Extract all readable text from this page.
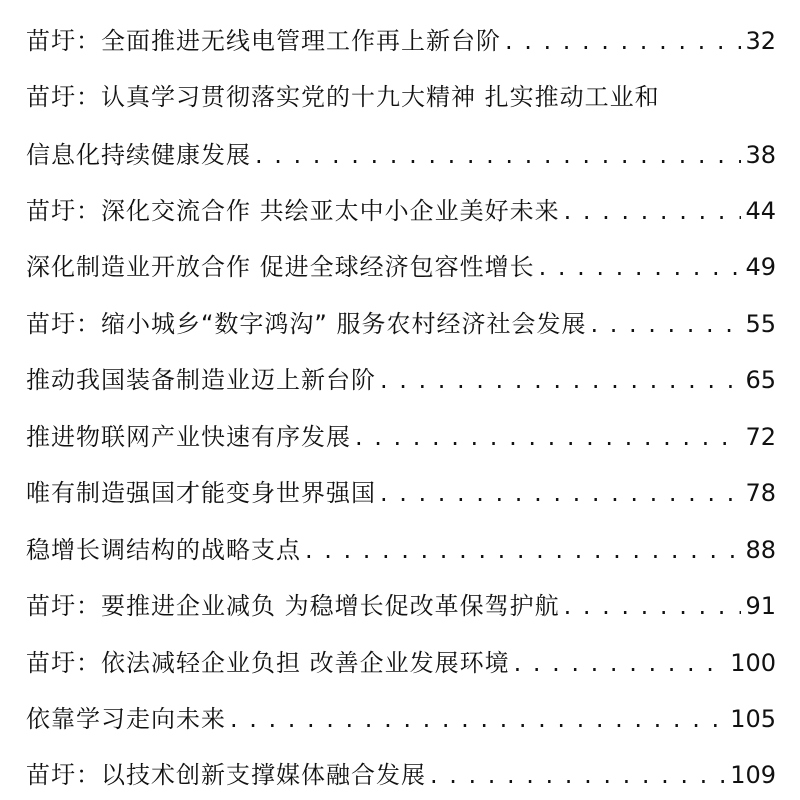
苗圩：全面推进无线电管理工作再上新台阶 . . .	32
苗圩：认真学习贯彻落实党的十九大精神 扎实推动工业和
信息化持续健康发展 . . .	38
苗圩：深化交流合作 共绘亚太中小企业美好未来 . . .	44
深化制造业开放合作 促进全球经济包容性增长 . . .	49
苗圩：缩小城乡“数字鸿沟” 服务农村经济社会发展 . . .	55
推动我国装备制造业迈上新台阶 . . .	65
推进物联网产业快速有序发展 . . .	72
唯有制造强国才能变身世界强国 . . .	78
稳增长调结构的战略支点 . . .	88
苗圩：要推进企业减负 为稳增长促改革保驾护航 . . .	91
苗圩：依法减轻企业负担 改善企业发展环境 . . .	100
依靠学习走向未来 . . .	105
苗圩：以技术创新支撑媒体融合发展 . . .	109
